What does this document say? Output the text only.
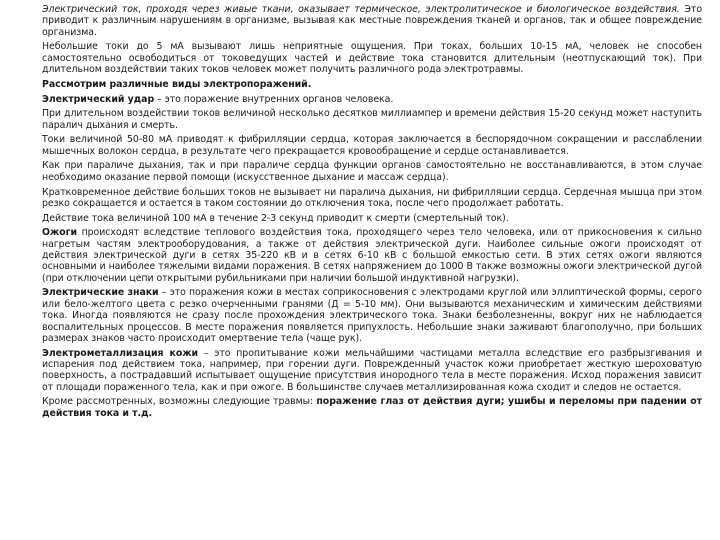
Электрический ток, проходя через живые ткани, оказывает термическое, электролитическое и биологическое воздействия. Это приводит к различным нарушениям в организме, вызывая как местные повреждения тканей и органов, так и общее повреждение организма.

Небольшие токи до 5 мА вызывают лишь неприятные ощущения. При токах, больших 10-15 мА, человек не способен самостоятельно освободиться от токоведущих частей и действие тока становится длительным (неотпускающий ток). При длительном воздействии таких токов человек может получить различного рода электротравмы.

Рассмотрим различные виды электропоражений.

Электрический удар – это поражение внутренних органов человека.

При длительном воздействии токов величиной несколько десятков миллиампер и времени действия 15-20 секунд может наступить паралич дыхания и смерть.

Токи величиной 50-80 мА приводят к фибрилляции сердца, которая заключается в беспорядочном сокращении и расслаблении мышечных волокон сердца, в результате чего прекращается кровообращение и сердце останавливается.

Как при параличе дыхания, так и при параличе сердца функции органов самостоятельно не восстанавливаются, в этом случае необходимо оказание первой помощи (искусственное дыхание и массаж сердца).

Кратковременное действие больших токов не вызывает ни паралича дыхания, ни фибрилляции сердца. Сердечная мышца при этом резко сокращается и остается в таком состоянии до отключения тока, после чего продолжает работать.

Действие тока величиной 100 мА в течение 2-3 секунд приводит к смерти (смертельный ток).

Ожоги происходят вследствие теплового воздействия тока, проходящего через тело человека, или от прикосновения к сильно нагретым частям электрооборудования, а также от действия электрической дуги. Наиболее сильные ожоги происходят от действия электрической дуги в сетях 35-220 кВ и в сетях 6-10 кВ с большой емкостью сети. В этих сетях ожоги являются основными и наиболее тяжелыми видами поражения. В сетях напряжением до 1000 В также возможны ожоги электрической дугой (при отключении цепи открытыми рубильниками при наличии большой индуктивной нагрузки).

Электрические знаки – это поражения кожи в местах соприкосновения с электродами круглой или эллиптической формы, серого или бело-желтого цвета с резко очерченными гранями (Д = 5-10 мм). Они вызываются механическим и химическим действиями тока. Иногда появляются не сразу после прохождения электрического тока. Знаки безболезненны, вокруг них не наблюдается воспалительных процессов. В месте поражения появляется припухлость. Небольшие знаки заживают благополучно, при больших размерах знаков часто происходит омертвение тела (чаще рук).

Электрометаллизация кожи – это пропитывание кожи мельчайшими частицами металла вследствие его разбрызгивания и испарения под действием тока, например, при горении дуги. Поврежденный участок кожи приобретает жесткую шероховатую поверхность, а пострадавший испытывает ощущение присутствия инородного тела в месте поражения. Исход поражения зависит от площади пораженного тела, как и при ожоге. В большинстве случаев металлизированная кожа сходит и следов не остается.

Кроме рассмотренных, возможны следующие травмы: поражение глаз от действия дуги; ушибы и переломы при падении от действия тока и т.д.
